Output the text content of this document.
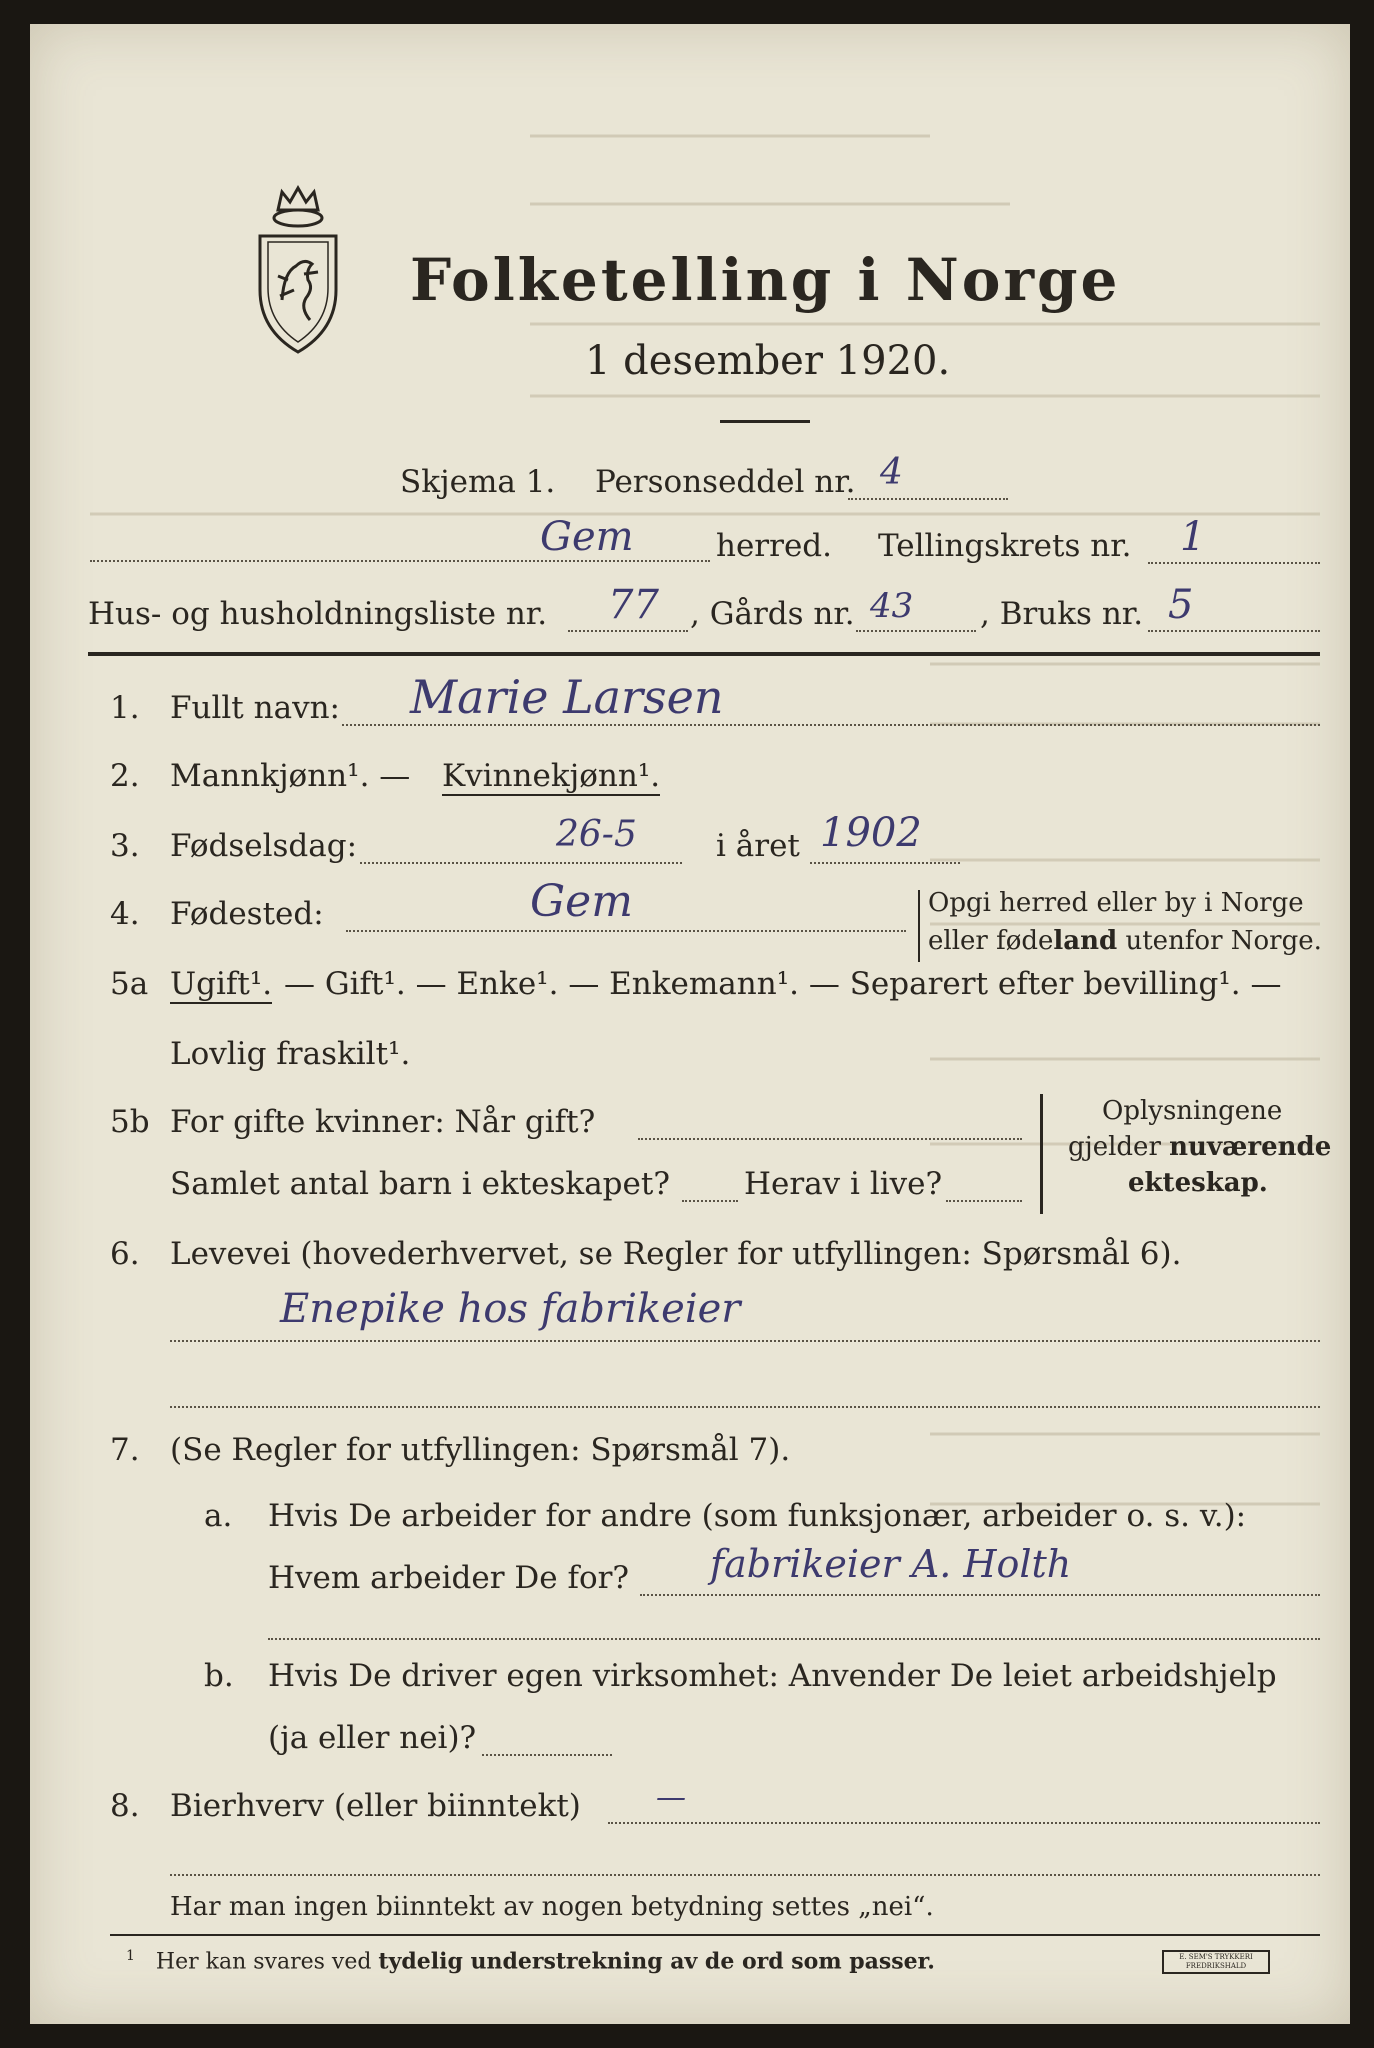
Folketelling i Norge
1 desember 1920.
Skjema 1. Personseddel nr. 4
Gem	herred. Tellingskrets nr. 1
Hus- og husholdningsliste nr. 77 , Gårds nr. 43 , Bruks nr. 5
1. Fullt navn: Marie Larsen
2. Mannkjønn¹. — Kvinnekjønn¹.
3. Fødselsdag:	26-5	i året 1902
4. Fødested:	Gem	Opgi herred eller by i Norge
eller fødeland utenfor Norge.
5a Ugift¹. — Gift¹. — Enke¹. — Enkemann¹. — Separert efter bevilling¹. —
Lovlig fraskilt¹.
5b For gifte kvinner: Når gift?
Samlet antal barn i ekteskapet? Herav i live?
Oplysningene
gjelder nuværende
ekteskap.
6. Levevei (hovederhvervet, se Regler for utfyllingen: Spørsmål 6).
Enepike hos fabrikeier
7. (Se Regler for utfyllingen: Spørsmål 7).
a. Hvis De arbeider for andre (som funksjonær, arbeider o. s. v.):
Hvem arbeider De for? fabrikeier A. Holth
b. Hvis De driver egen virksomhet: Anvender De leiet arbeidshjelp
(ja eller nei)?
8. Bierhverv (eller biinntekt)	—
Har man ingen biinntekt av nogen betydning settes „nei“.
$^1$ Her kan svares ved tydelig understrekning av de ord som passer.	E. SEM'S TRYKKERI
FREDRIKSHALD
